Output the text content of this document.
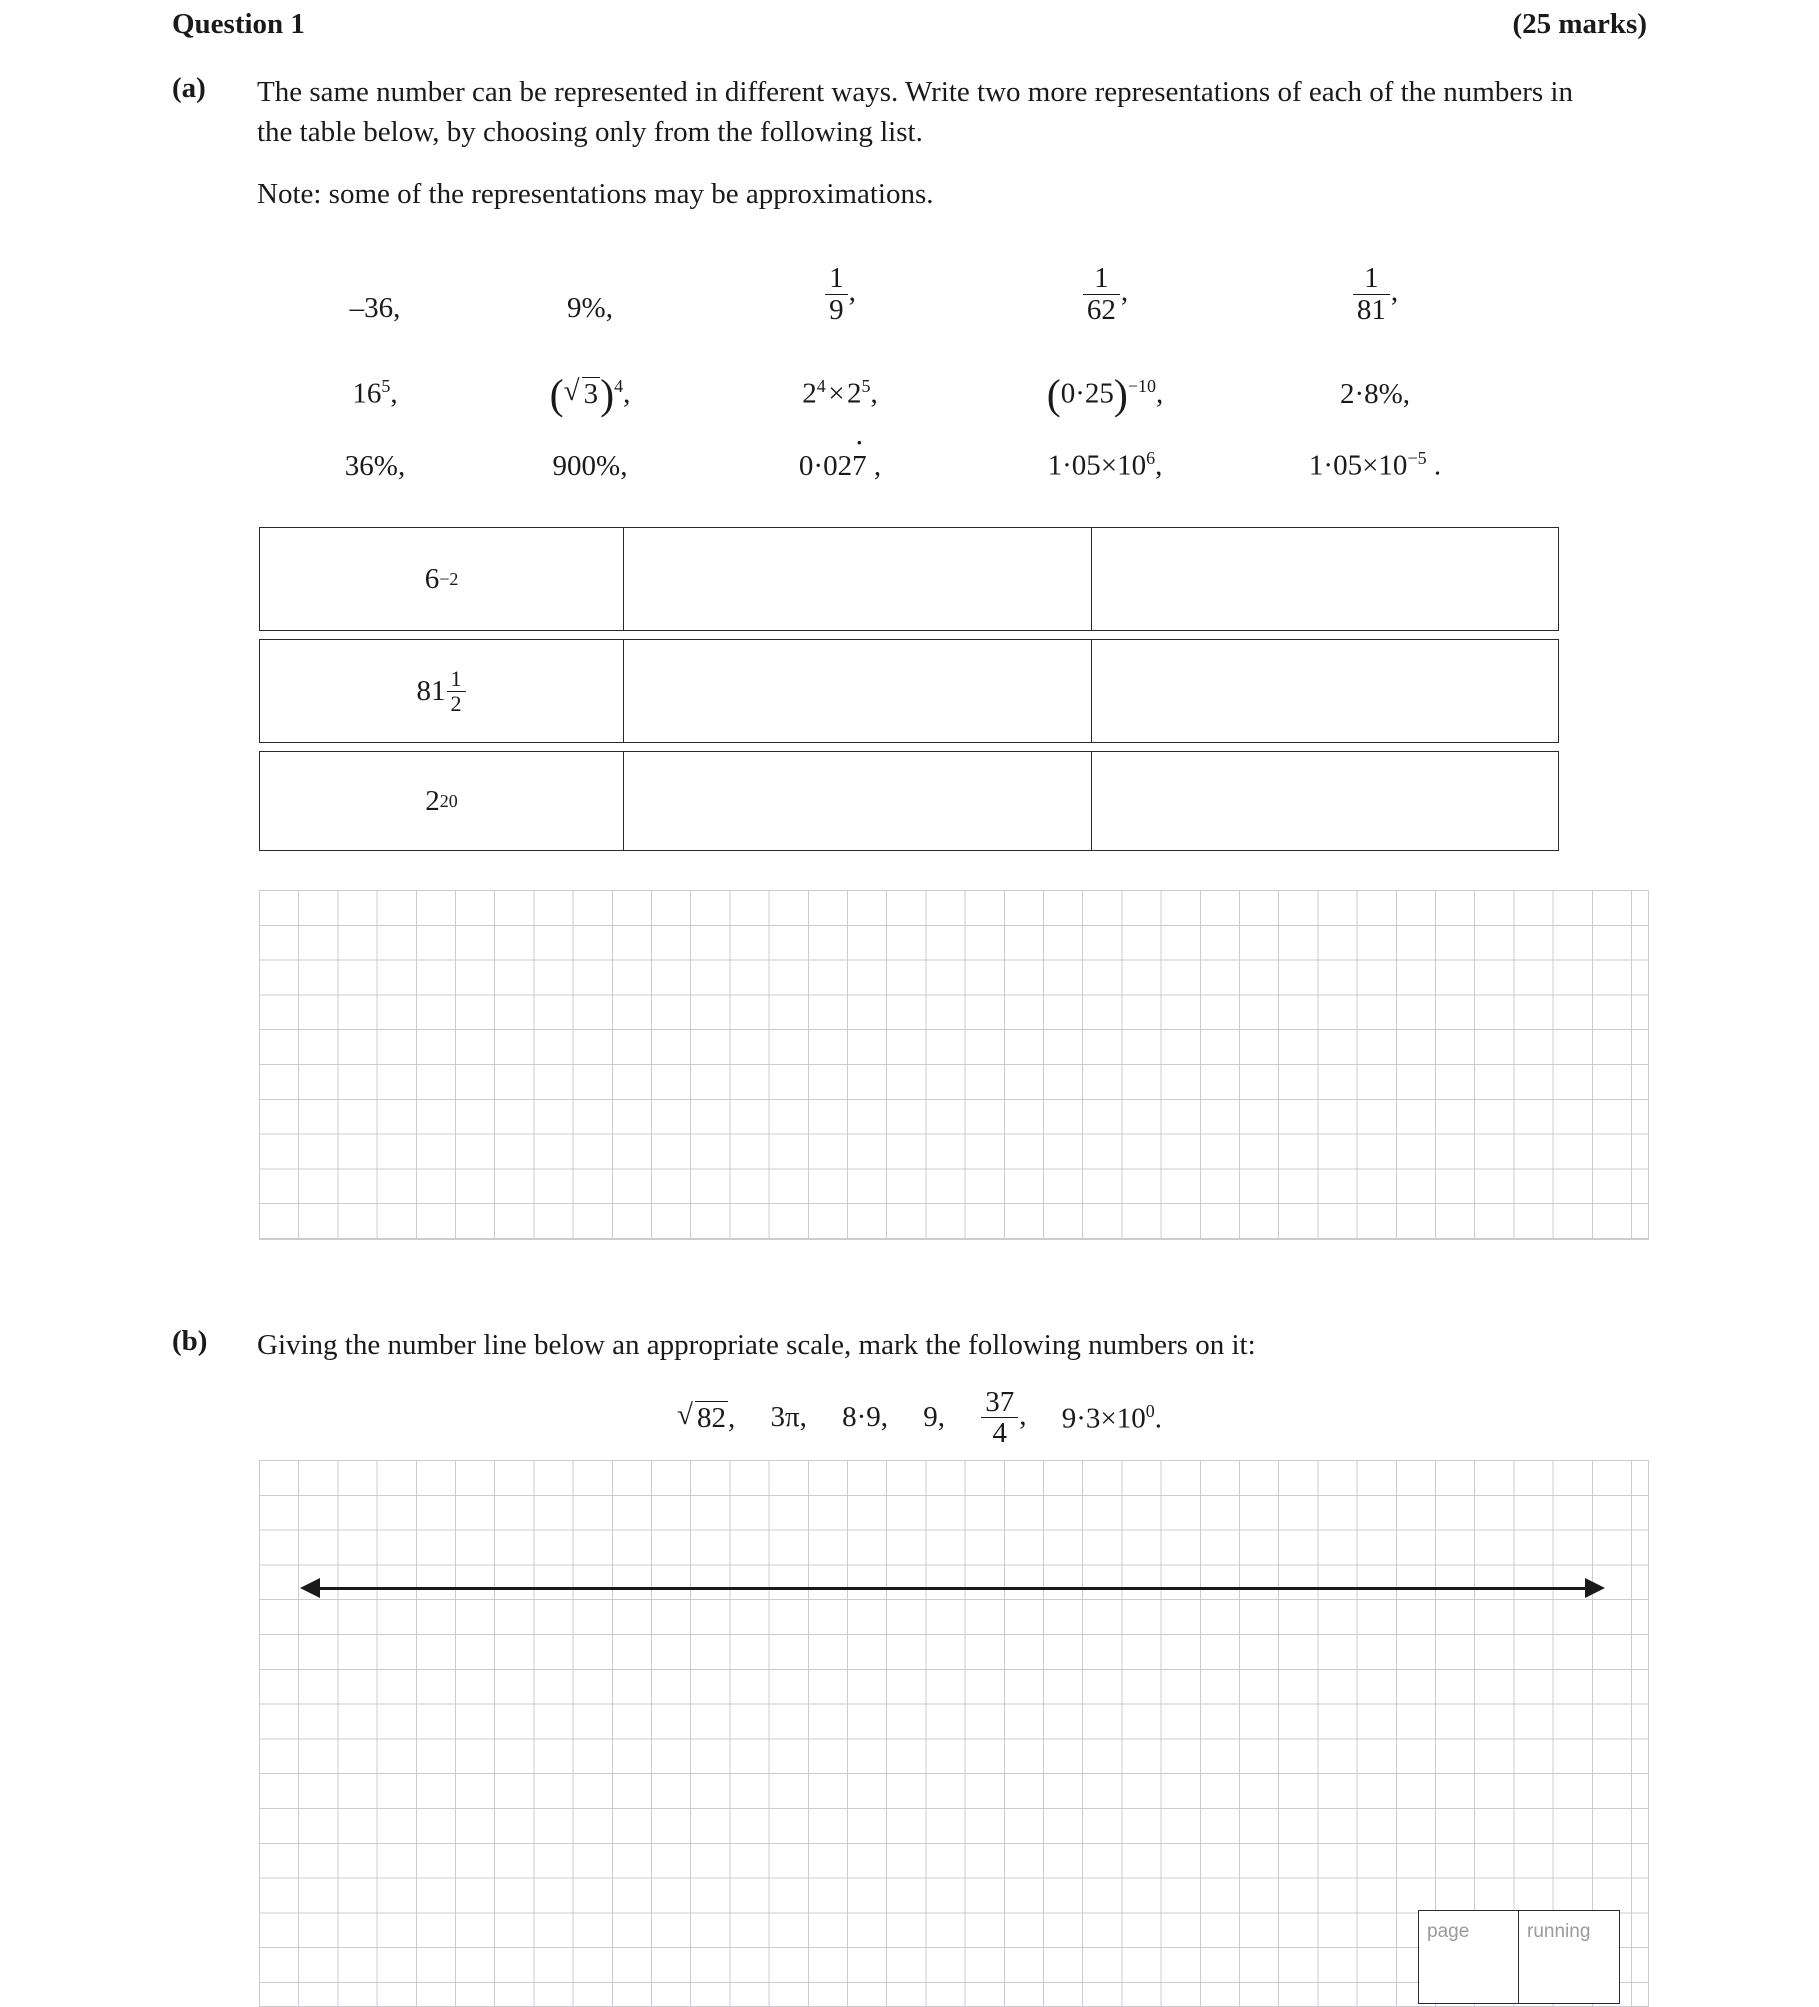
Question 1	(25 marks)
(a)	The same number can be represented in different ways. Write two more representations of each of the numbers in the table below, by choosing only from the following list.
Note: some of the representations may be approximations.
–36,	9%,	$\frac{1}{9}$ ,	$\frac{1}{62}$ ,	$\frac{1}{81}$ ,
$16^5$,	( √ 3)$^4$,	$2^4$ × $2^5$,	$(0\cdot 25)^{-10}$,	2·8%,
36%,	900%,	0·027 · ,	$1\cdot 05\times 10^6$,	$1\cdot 05\times 10^{-5}$ .
6 −2
$81 \frac{1}{2}$
2 20
(b)	Giving the number line below an appropriate scale, mark the following numbers on it:
√ 82, 3π, 8·9, 9, $\frac{37}{4}$ , $9\cdot 3\times 10^0$.
page	running
